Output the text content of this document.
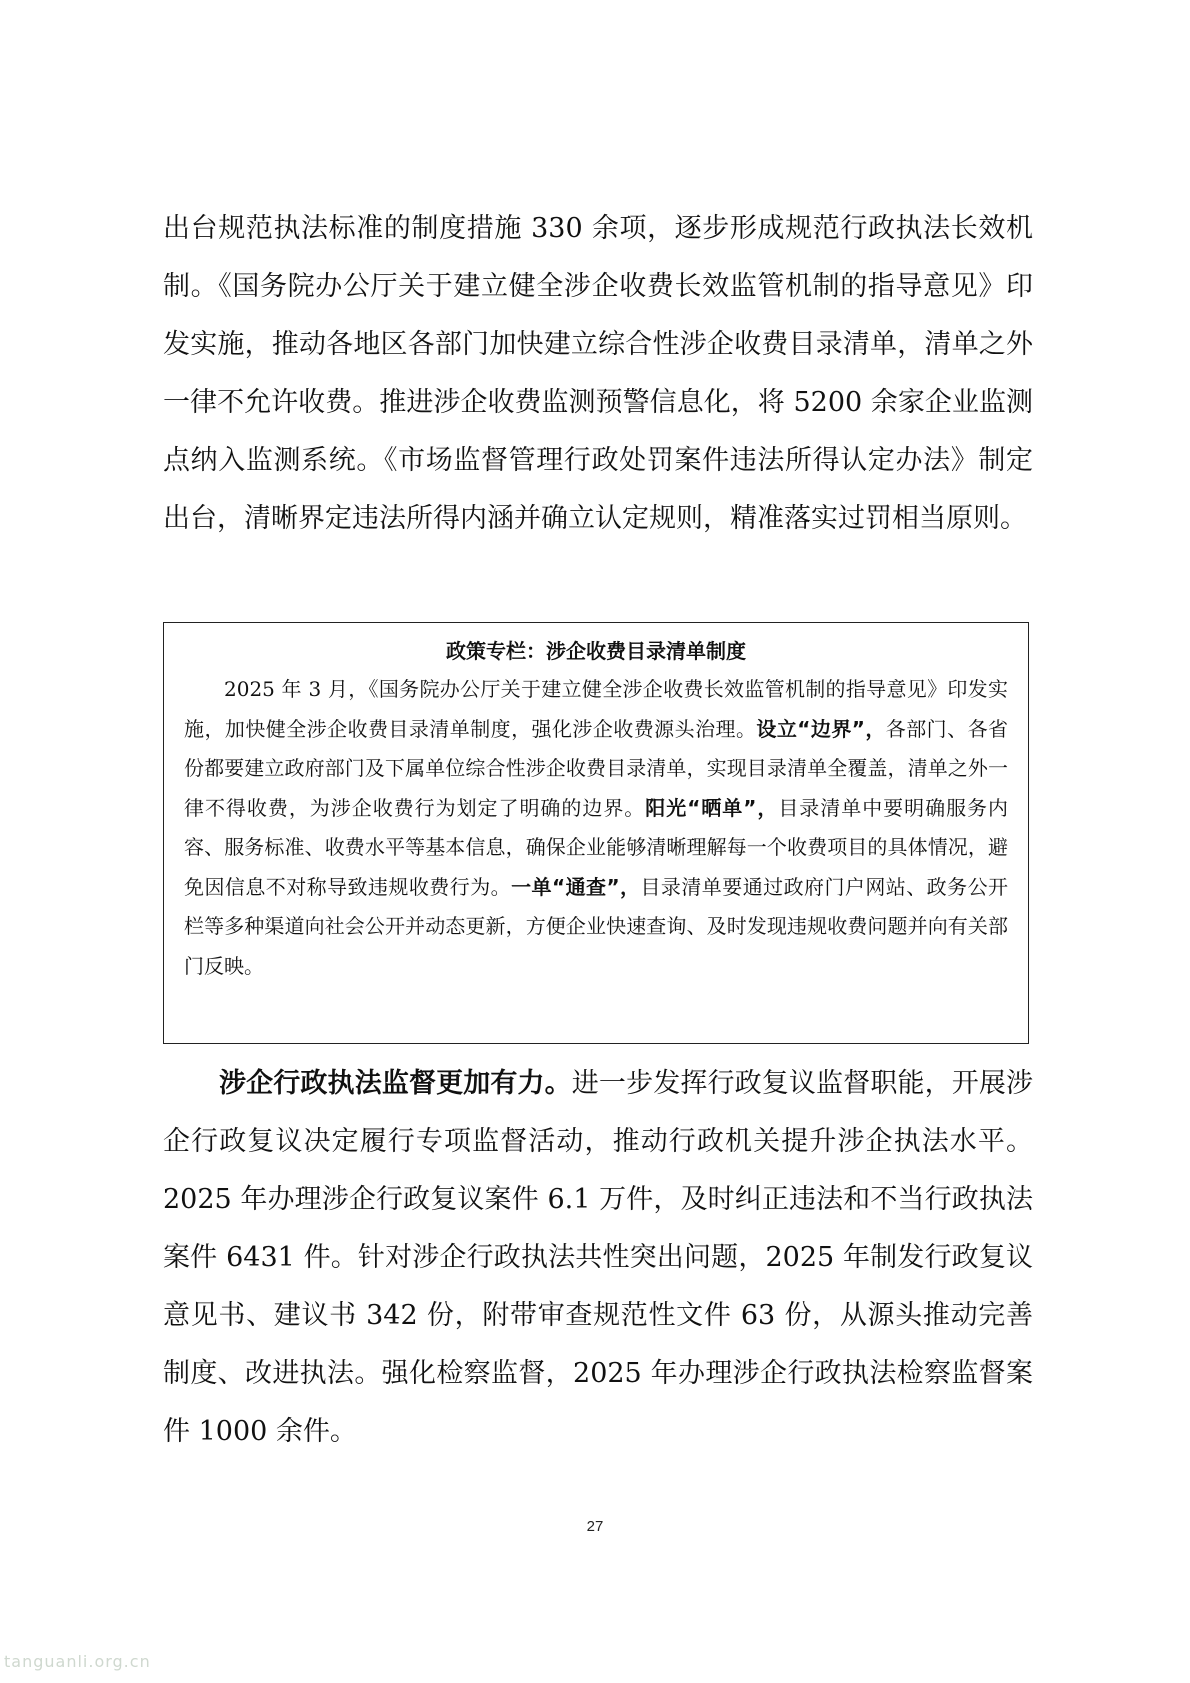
出台规范执法标准的制度措施 330 余项，逐步形成规范行政执法长效机制。《国务院办公厅关于建立健全涉企收费长效监管机制的指导意见》印发实施，推动各地区各部门加快建立综合性涉企收费目录清单，清单之外一律不允许收费。推进涉企收费监测预警信息化，将 5200 余家企业监测点纳入监测系统。《市场监督管理行政处罚案件违法所得认定办法》制定出台，清晰界定违法所得内涵并确立认定规则，精准落实过罚相当原则。

政策专栏：涉企收费目录清单制度

2025 年 3 月，《国务院办公厅关于建立健全涉企收费长效监管机制的指导意见》印发实施，加快健全涉企收费目录清单制度，强化涉企收费源头治理。设立“边界”，各部门、各省份都要建立政府部门及下属单位综合性涉企收费目录清单，实现目录清单全覆盖，清单之外一律不得收费，为涉企收费行为划定了明确的边界。阳光“晒单”，目录清单中要明确服务内容、服务标准、收费水平等基本信息，确保企业能够清晰理解每一个收费项目的具体情况，避免因信息不对称导致违规收费行为。一单“通查”，目录清单要通过政府门户网站、政务公开栏等多种渠道向社会公开并动态更新，方便企业快速查询、及时发现违规收费问题并向有关部门反映。

涉企行政执法监督更加有力。进一步发挥行政复议监督职能，开展涉企行政复议决定履行专项监督活动，推动行政机关提升涉企执法水平。2025 年办理涉企行政复议案件 6.1 万件，及时纠正违法和不当行政执法案件 6431 件。针对涉企行政执法共性突出问题，2025 年制发行政复议意见书、建议书 342 份，附带审查规范性文件 63 份，从源头推动完善制度、改进执法。强化检察监督，2025 年办理涉企行政执法检察监督案件 1000 余件。

27
tanguanli.org.cn
